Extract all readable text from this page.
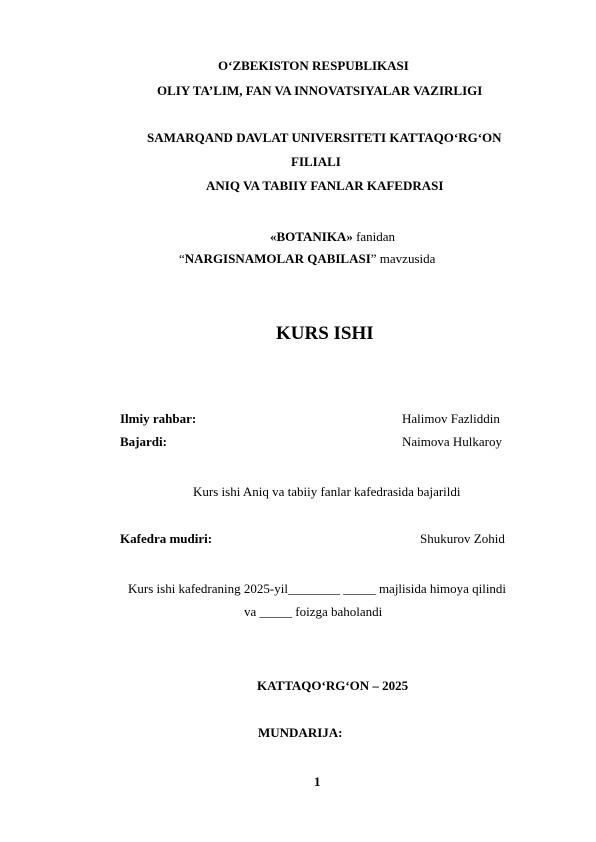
O‘ZBEKISTON RESPUBLIKASI
OLIY TA’LIM, FAN VA INNOVATSIYALAR VAZIRLIGI
SAMARQAND DAVLAT UNIVERSITETI KATTAQO‘RG‘ON
FILIALI
ANIQ VA TABIIY FANLAR KAFEDRASI
«BOTANIKA» fanidan
“NARGISNAMOLAR QABILASI” mavzusida
KURS ISHI
Ilmiy rahbar:	Halimov Fazliddin
Bajardi:	Naimova Hulkaroy
Kurs ishi Aniq va tabiiy fanlar kafedrasida bajarildi
Kafedra mudiri:	Shukurov Zohid
Kurs ishi kafedraning 2025-yil________ _____ majlisida himoya qilindi
va _____ foizga baholandi
KATTAQO‘RG‘ON – 2025
MUNDARIJA:
1
